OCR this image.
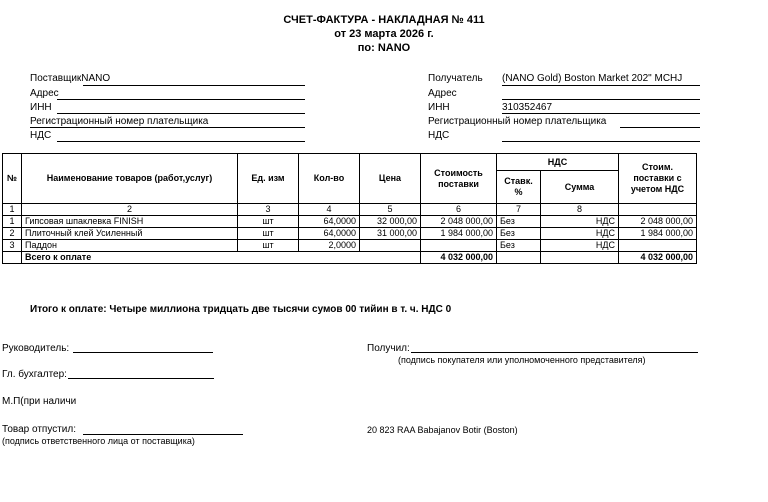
СЧЕТ-ФАКТУРА - НАКЛАДНАЯ № 411
от 23 марта 2026 г.
по: NANO
ПоставщикNANO
Адрес
ИНН
Регистрационный номер плательщика
НДС
Получатель (NANO Gold) Boston Market 202" MCHJ
Адрес
ИНН	310352467
Регистрационный номер плательщика
НДС
№	Наименование товаров (работ,услуг)	Ед. изм	Кол-во	Цена	Стоимость поставки	НДС		Стоим. поставки с учетом НДС
						Ставк. %	Сумма	
1	2	3	4	5	6	7	8	
1	Гипсовая шпаклевка FINISH	шт	64,0000	32 000,00	2 048 000,00	Без	НДС	2 048 000,00
2	Плиточный клей Усиленный	шт	64,0000	31 000,00	1 984 000,00	Без	НДС	1 984 000,00
3	Паддон	шт	2,0000			Без	НДС	
	Всего к оплате				4 032 000,00			4 032 000,00
Итого к оплате: Четыре миллиона тридцать две тысячи сумов 00 тийин в т. ч. НДС 0
Руководитель:
Гл. бухгалтер:
М.П(при наличи
Товар отпустил:
(подпись ответственного лица от поставщика)
Получил:
(подпись покупателя или уполномоченного представителя)
20 823 RAA Babajanov Botir (Boston)
